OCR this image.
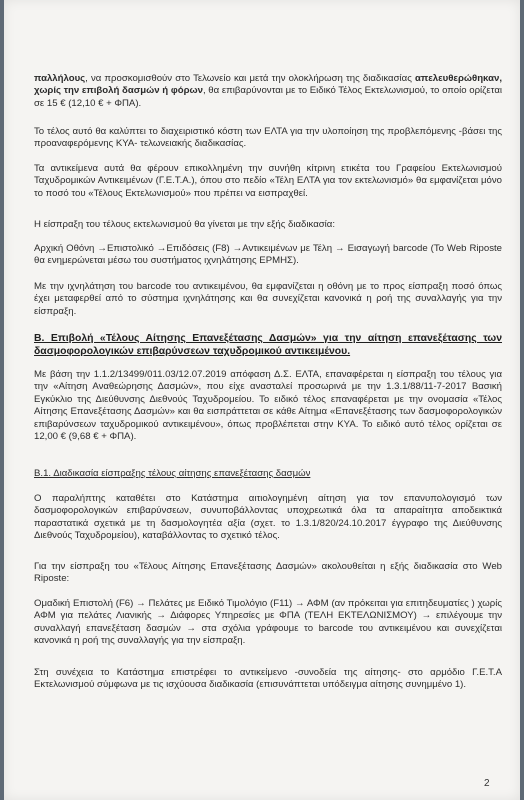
παλλήλους, να προσκομισθούν στο Τελωνείο και μετά την ολοκλήρωση της διαδικασίας απελευθερώθηκαν, χωρίς την επιβολή δασμών ή φόρων, θα επιβαρύνονται με το Ειδικό Τέλος Εκτελωνισμού, το οποίο ορίζεται σε 15 € (12,10 € + ΦΠΑ).
Το τέλος αυτό θα καλύπτει το διαχειριστικό κόστη των ΕΛΤΑ για την υλοποίηση της προβλεπόμενης -βάσει της προαναφερόμενης ΚΥΑ- τελωνειακής διαδικασίας.
Τα αντικείμενα αυτά θα φέρουν επικολλημένη την συνήθη κίτρινη ετικέτα του Γραφείου Εκτελωνισμού Ταχυδρομικών Αντικειμένων (Γ.Ε.Τ.Α.), όπου στο πεδίο «Τέλη ΕΛΤΑ για τον εκτελωνισμό» θα εμφανίζεται μόνο το ποσό του «Τέλους Εκτελωνισμού» που πρέπει να εισπραχθεί.
Η είσπραξη του τέλους εκτελωνισμού θα γίνεται με την εξής διαδικασία:
Αρχική Οθόνη →Επιστολικό →Επιδόσεις (F8) →Αντικειμένων με Τέλη → Εισαγωγή barcode (Το Web Riposte θα ενημερώνεται μέσω του συστήματος ιχνηλάτησης ΕΡΜΗΣ).
Με την ιχνηλάτηση του barcode του αντικειμένου, θα εμφανίζεται η οθόνη με το προς είσπραξη ποσό όπως έχει μεταφερθεί από το σύστημα ιχνηλάτησης και θα συνεχίζεται κανονικά η ροή της συναλλαγής για την είσπραξη.
Β. Επιβολή «Τέλους Αίτησης Επανεξέτασης Δασμών» για την αίτηση επανεξέτασης των δασμοφορολογικών επιβαρύνσεων ταχυδρομικού αντικειμένου.
Με βάση την 1.1.2/13499/011.03/12.07.2019 απόφαση Δ.Σ. ΕΛΤΑ, επαναφέρεται η είσπραξη του τέλους για την «Αίτηση Αναθεώρησης Δασμών», που είχε ανασταλεί προσωρινά με την 1.3.1/88/11-7-2017 Βασική Εγκύκλιο της Διεύθυνσης Διεθνούς Ταχυδρομείου. Το ειδικό τέλος επαναφέρεται με την ονομασία «Τέλος Αίτησης Επανεξέτασης Δασμών» και θα εισπράττεται σε κάθε Αίτημα «Επανεξέτασης των δασμοφορολογικών επιβαρύνσεων ταχυδρομικού αντικειμένου», όπως προβλέπεται στην ΚΥΑ. Το ειδικό αυτό τέλος ορίζεται σε 12,00 € (9,68 € + ΦΠΑ).
Β.1. Διαδικασία είσπραξης τέλους αίτησης επανεξέτασης δασμών
Ο παραλήπτης καταθέτει στο Κατάστημα αιτιολογημένη αίτηση για τον επανυπολογισμό των δασμοφορολογικών επιβαρύνσεων, συνυποβάλλοντας υποχρεωτικά όλα τα απαραίτητα αποδεικτικά παραστατικά σχετικά με τη δασμολογητέα αξία (σχετ. το 1.3.1/820/24.10.2017 έγγραφο της Διεύθυνσης Διεθνούς Ταχυδρομείου), καταβάλλοντας το σχετικό τέλος.
Για την είσπραξη του «Τέλους Αίτησης Επανεξέτασης Δασμών» ακολουθείται η εξής διαδικασία στο Web Riposte:
Ομαδική Επιστολή (F6) → Πελάτες με Ειδικό Τιμολόγιο (F11) → ΑΦΜ (αν πρόκειται για επιτηδευματίες ) χωρίς ΑΦΜ για πελάτες Λιανικής → Διάφορες Υπηρεσίες με ΦΠΑ (ΤΕΛΗ ΕΚΤΕΛΩΝΙΣΜΟΥ) → επιλέγουμε την συναλλαγή επανεξέταση δασμών → στα σχόλια γράφουμε το barcode του αντικειμένου και συνεχίζεται κανονικά η ροή της συναλλαγής για την είσπραξη.
Στη συνέχεια το Κατάστημα επιστρέφει το αντικείμενο -συνοδεία της αίτησης- στο αρμόδιο Γ.Ε.Τ.Α Εκτελωνισμού σύμφωνα με τις ισχύουσα διαδικασία (επισυνάπτεται υπόδειγμα αίτησης συνημμένο 1).
2
